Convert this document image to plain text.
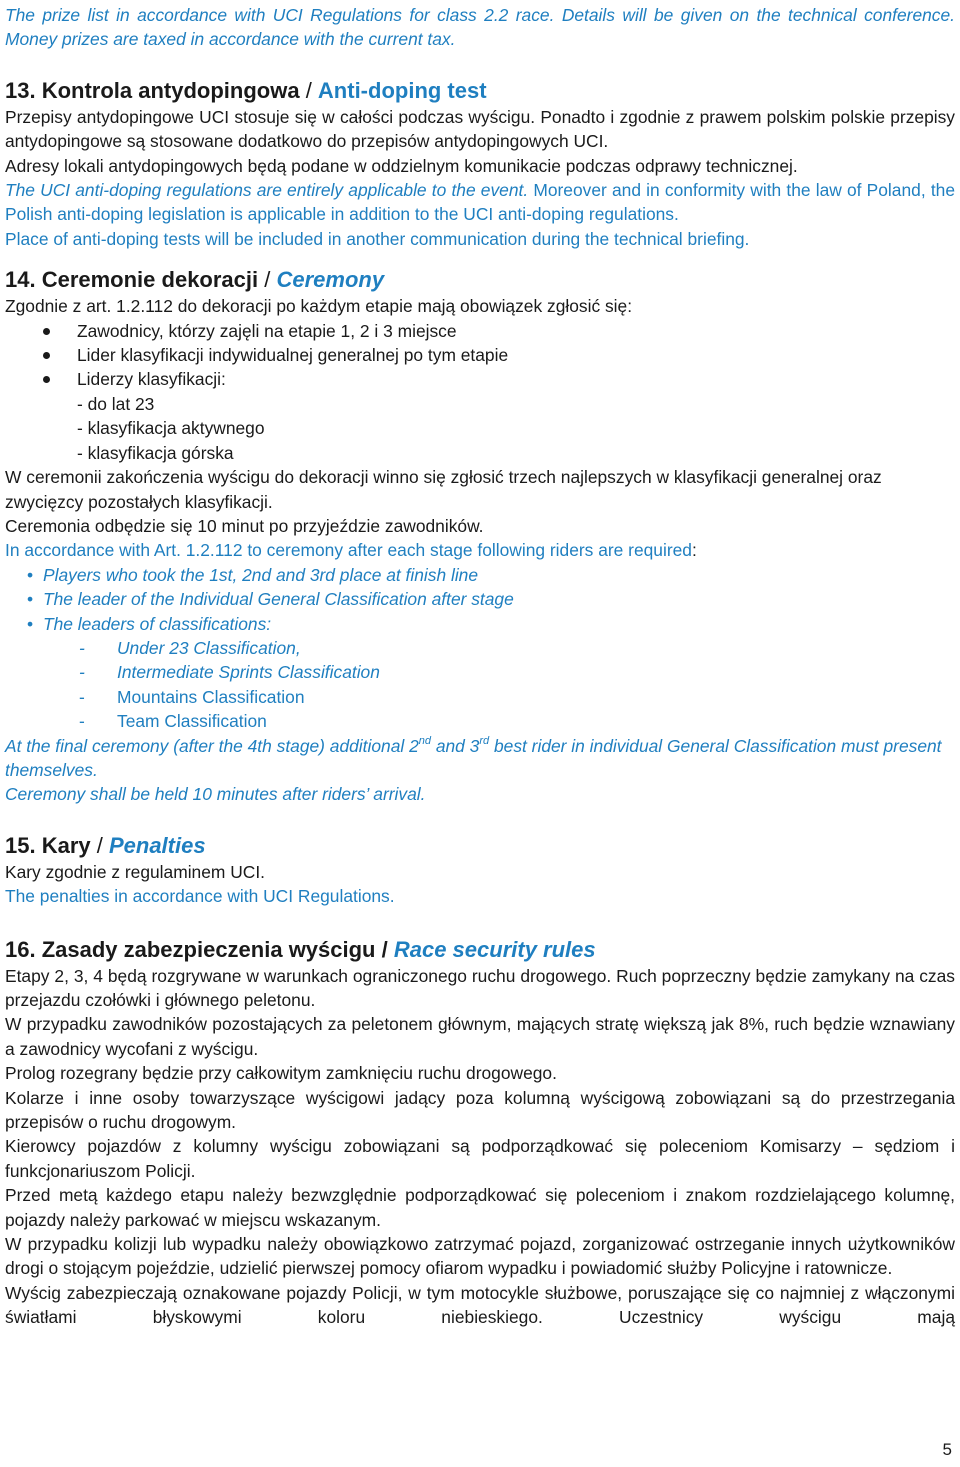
The prize list in accordance with UCI Regulations for class 2.2 race. Details will be given on the technical conference. Money prizes are taxed in accordance with the current tax.

13. Kontrola antydopingowa / Anti-doping test

Przepisy antydopingowe UCI stosuje się w całości podczas wyścigu. Ponadto i zgodnie z prawem polskim polskie przepisy antydopingowe są stosowane dodatkowo do przepisów antydopingowych UCI.

Adresy lokali antydopingowych będą podane w oddzielnym komunikacie podczas odprawy technicznej.

The UCI anti-doping regulations are entirely applicable to the event. Moreover and in conformity with the law of Poland, the Polish anti-doping legislation is applicable in addition to the UCI anti-doping regulations.

Place of anti-doping tests will be included in another communication during the technical briefing.

14. Ceremonie dekoracji / Ceremony

Zgodnie z art. 1.2.112 do dekoracji po każdym etapie mają obowiązek zgłosić się:

Zawodnicy, którzy zajęli na etapie 1, 2 i 3 miejsce
Lider klasyfikacji indywidualnej generalnej po tym etapie
Liderzy klasyfikacji:

- do lat 23

- klasyfikacja aktywnego

- klasyfikacja górska

W ceremonii zakończenia wyścigu do dekoracji winno się zgłosić trzech najlepszych w klasyfikacji generalnej oraz zwycięzcy pozostałych klasyfikacji.

Ceremonia odbędzie się 10 minut po przyjeździe zawodników.

In accordance with Art. 1.2.112 to ceremony after each stage following riders are required:

• Players who took the 1st, 2nd and 3rd place at finish line
• The leader of the Individual General Classification after stage
• The leaders of classifications:
- Under 23 Classification,
- Intermediate Sprints Classification
- Mountains Classification
- Team Classification

At the final ceremony (after the 4th stage) additional 2nd and 3rd best rider in individual General Classification must present themselves.

Ceremony shall be held 10 minutes after riders’ arrival.

15. Kary / Penalties

Kary zgodnie z regulaminem UCI.

The penalties in accordance with UCI Regulations.

16. Zasady zabezpieczenia wyścigu / Race security rules

Etapy 2, 3, 4 będą rozgrywane w warunkach ograniczonego ruchu drogowego. Ruch poprzeczny będzie zamykany na czas przejazdu czołówki i głównego peletonu.

W przypadku zawodników pozostających za peletonem głównym, mających stratę większą jak 8%, ruch będzie wznawiany a zawodnicy wycofani z wyścigu.

Prolog rozegrany będzie przy całkowitym zamknięciu ruchu drogowego.

Kolarze i inne osoby towarzyszące wyścigowi jadący poza kolumną wyścigową zobowiązani są do przestrzegania przepisów o ruchu drogowym.

Kierowcy pojazdów z kolumny wyścigu zobowiązani są podporządkować się poleceniom Komisarzy – sędziom i funkcjonariuszom Policji.

Przed metą każdego etapu należy bezwzględnie podporządkować się poleceniom i znakom rozdzielającego kolumnę, pojazdy należy parkować w miejscu wskazanym.

W przypadku kolizji lub wypadku należy obowiązkowo zatrzymać pojazd, zorganizować ostrzeganie innych użytkowników drogi o stojącym pojeździe, udzielić pierwszej pomocy ofiarom wypadku i powiadomić służby Policyjne i ratownicze.

Wyścig zabezpieczają oznakowane pojazdy Policji, w tym motocykle służbowe, poruszające się co najmniej z włączonymi światłami błyskowymi koloru niebieskiego. Uczestnicy wyścigu mają

5
